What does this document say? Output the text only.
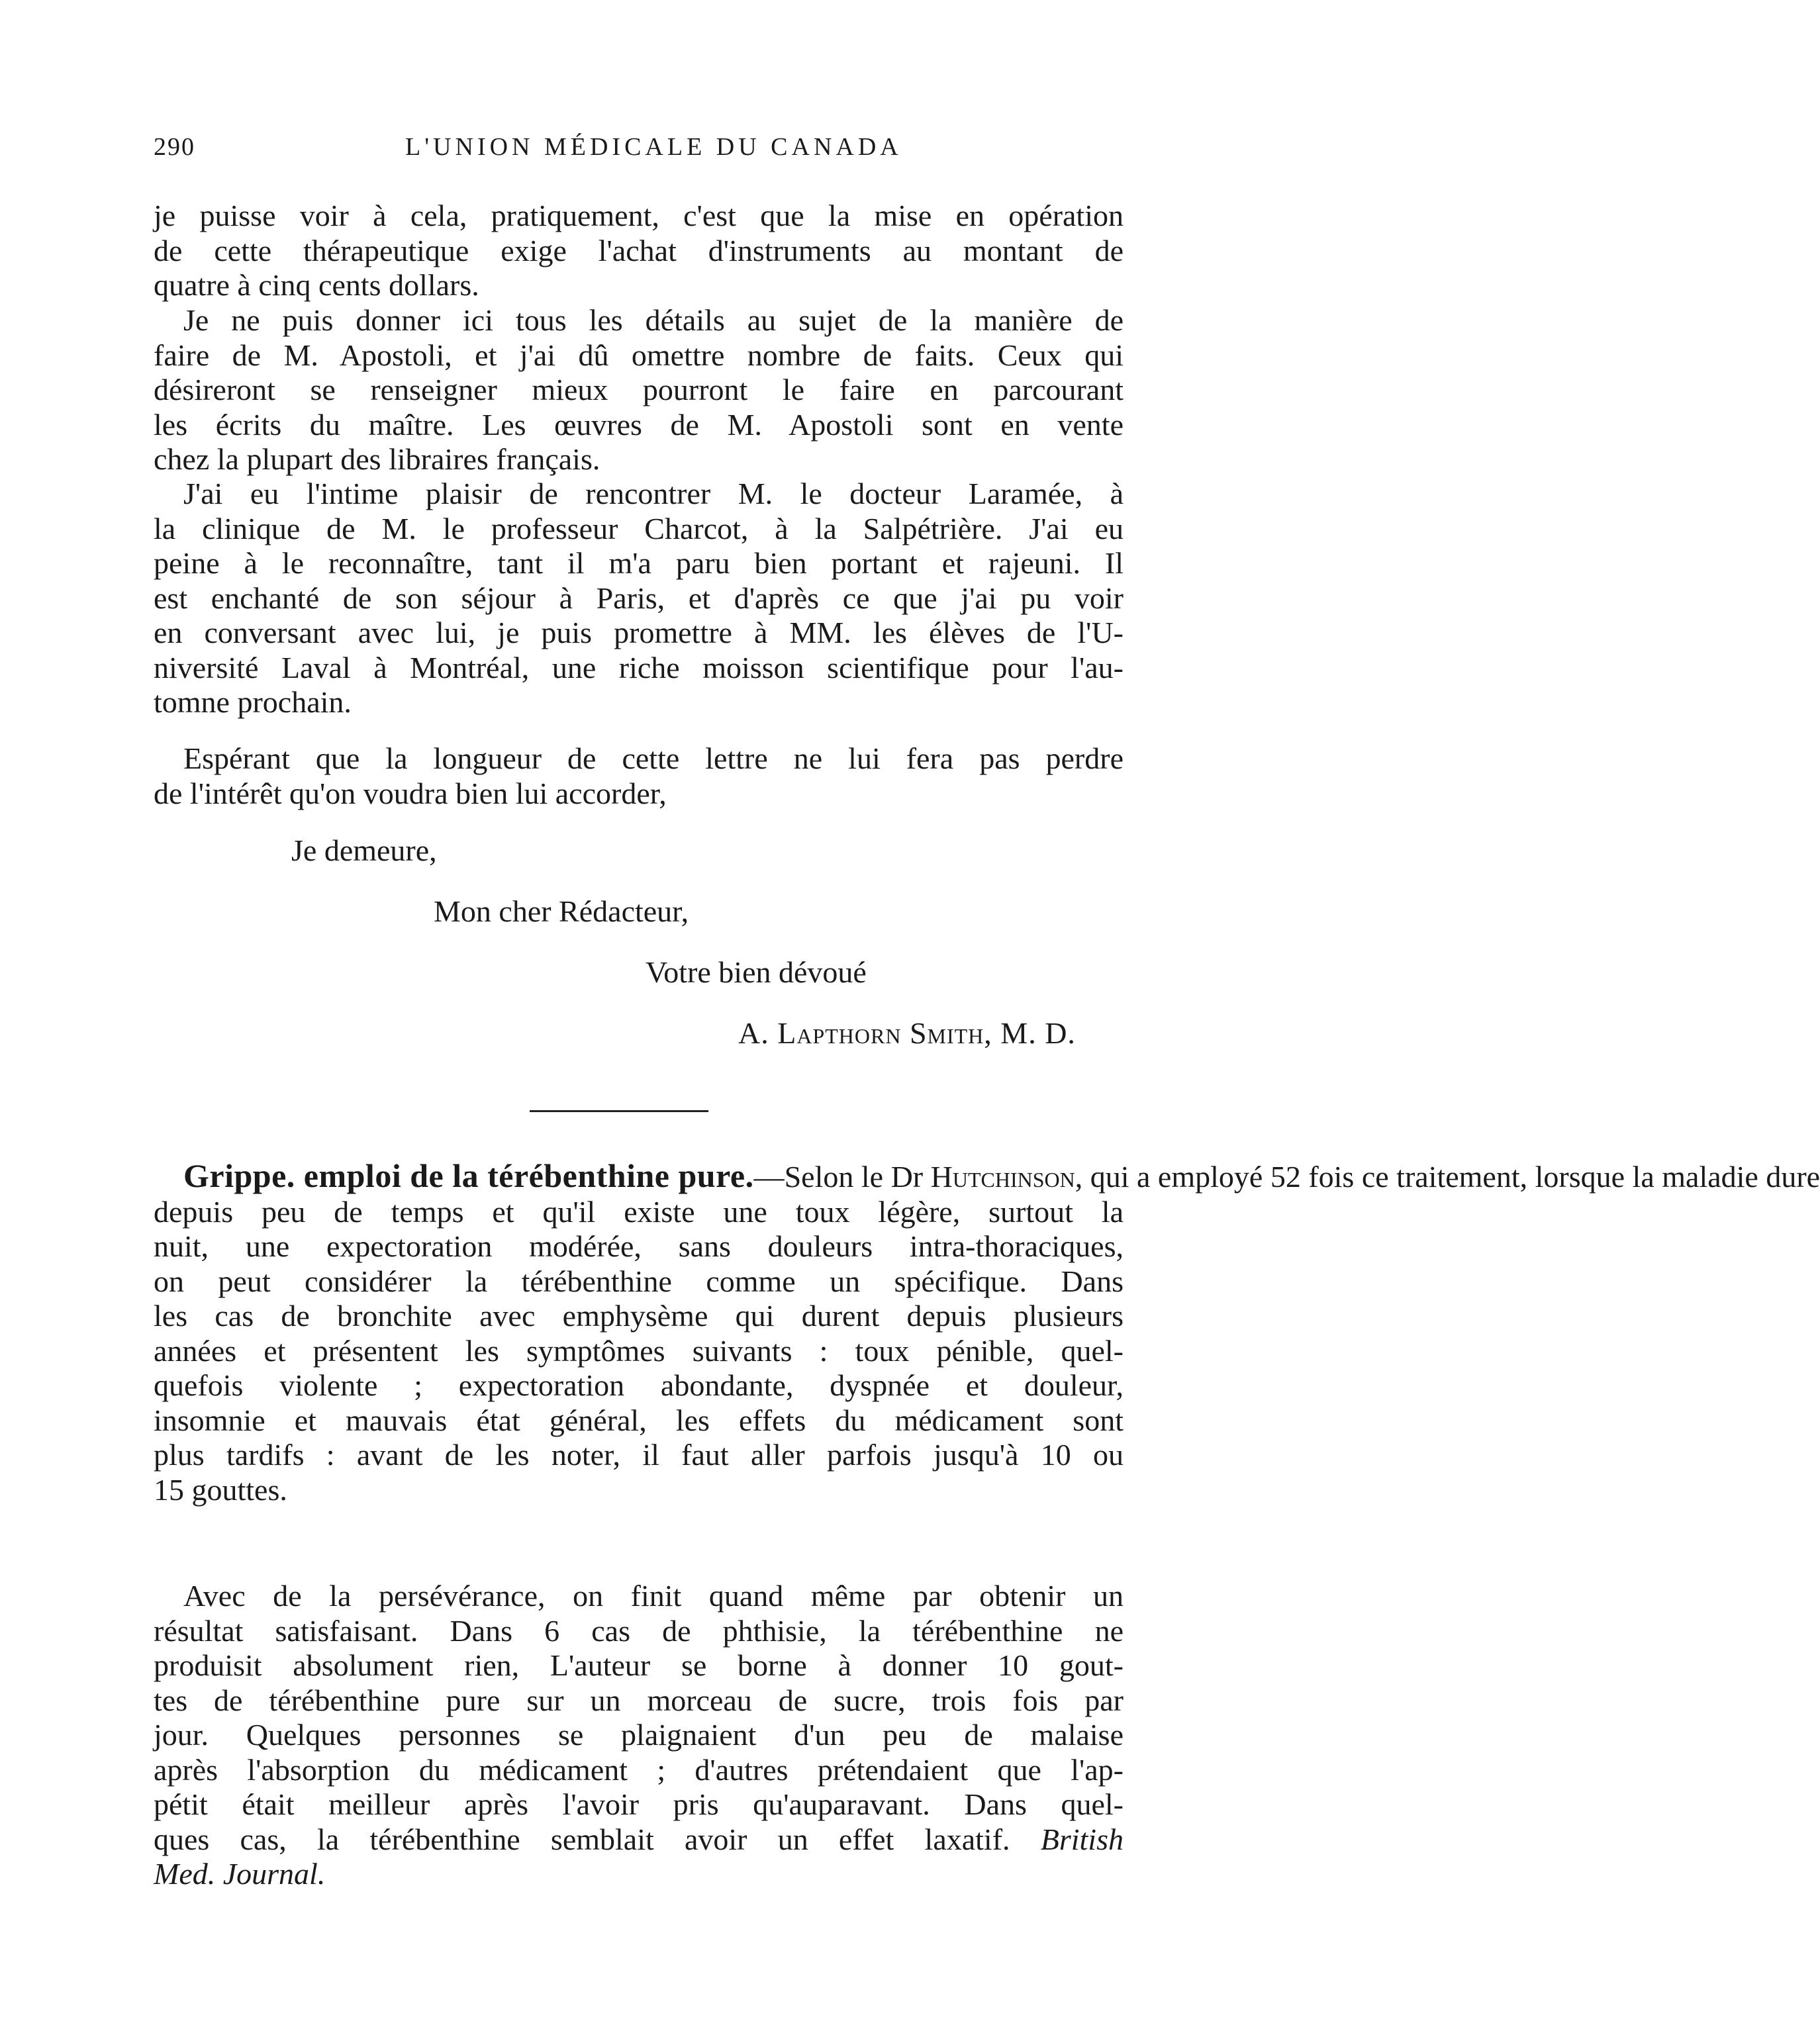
290	L'UNION MÉDICALE DU CANADA
je puisse voir à cela, pratiquement, c'est que la mise en opération
de cette thérapeutique exige l'achat d'instruments au montant de
quatre à cinq cents dollars.
Je ne puis donner ici tous les détails au sujet de la manière de
faire de M. Apostoli, et j'ai dû omettre nombre de faits. Ceux qui
désireront se renseigner mieux pourront le faire en parcourant
les écrits du maître. Les œuvres de M. Apostoli sont en vente
chez la plupart des libraires français.
J'ai eu l'intime plaisir de rencontrer M. le docteur Laramée, à
la clinique de M. le professeur Charcot, à la Salpétrière. J'ai eu
peine à le reconnaître, tant il m'a paru bien portant et rajeuni. Il
est enchanté de son séjour à Paris, et d'après ce que j'ai pu voir
en conversant avec lui, je puis promettre à MM. les élèves de l'U-
niversité Laval à Montréal, une riche moisson scientifique pour l'au-
tomne prochain.
Espérant que la longueur de cette lettre ne lui fera pas perdre
de l'intérêt qu'on voudra bien lui accorder,
Je demeure,
Mon cher Rédacteur,
Votre bien dévoué
A. Lapthorn Smith, M. D.
Grippe. emploi de la térébenthine pure.—Selon le Dr Hutchinson, qui a employé 52 fois ce traitement, lorsque la maladie dure
depuis peu de temps et qu'il existe une toux légère, surtout la
nuit, une expectoration modérée, sans douleurs intra-thoraciques,
on peut considérer la térébenthine comme un spécifique. Dans
les cas de bronchite avec emphysème qui durent depuis plusieurs
années et présentent les symptômes suivants : toux pénible, quel-
quefois violente ; expectoration abondante, dyspnée et douleur,
insomnie et mauvais état général, les effets du médicament sont
plus tardifs : avant de les noter, il faut aller parfois jusqu'à 10 ou
15 gouttes.
Avec de la persévérance, on finit quand même par obtenir un
résultat satisfaisant. Dans 6 cas de phthisie, la térébenthine ne
produisit absolument rien, L'auteur se borne à donner 10 gout-
tes de térébenthine pure sur un morceau de sucre, trois fois par
jour. Quelques personnes se plaignaient d'un peu de malaise
après l'absorption du médicament ; d'autres prétendaient que l'ap-
pétit était meilleur après l'avoir pris qu'auparavant. Dans quel-
ques cas, la térébenthine semblait avoir un effet laxatif. British
Med. Journal.
